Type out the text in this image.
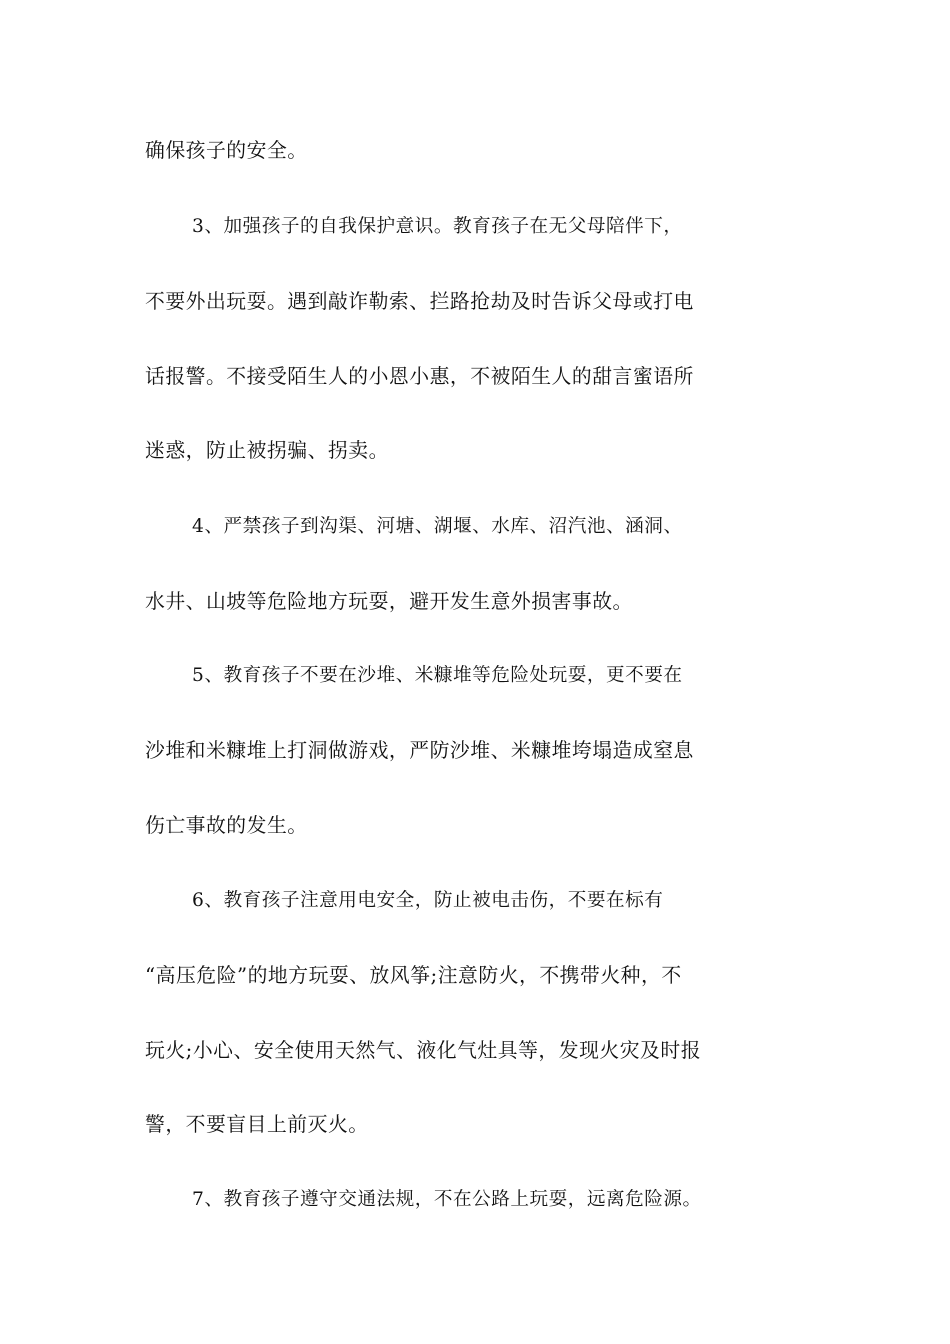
确保孩子的安全。
3、加强孩子的自我保护意识。教育孩子在无父母陪伴下，
不要外出玩耍。遇到敲诈勒索、拦路抢劫及时告诉父母或打电
话报警。不接受陌生人的小恩小惠，不被陌生人的甜言蜜语所
迷惑，防止被拐骗、拐卖。
4、严禁孩子到沟渠、河塘、湖堰、水库、沼汽池、涵洞、
水井、山坡等危险地方玩耍，避开发生意外损害事故。
5、教育孩子不要在沙堆、米糠堆等危险处玩耍，更不要在
沙堆和米糠堆上打洞做游戏，严防沙堆、米糠堆垮塌造成窒息
伤亡事故的发生。
6、教育孩子注意用电安全，防止被电击伤，不要在标有
“高压危险”的地方玩耍、放风筝;注意防火，不携带火种，不
玩火;小心、安全使用天然气、液化气灶具等，发现火灾及时报
警，不要盲目上前灭火。
7、教育孩子遵守交通法规，不在公路上玩耍，远离危险源。
